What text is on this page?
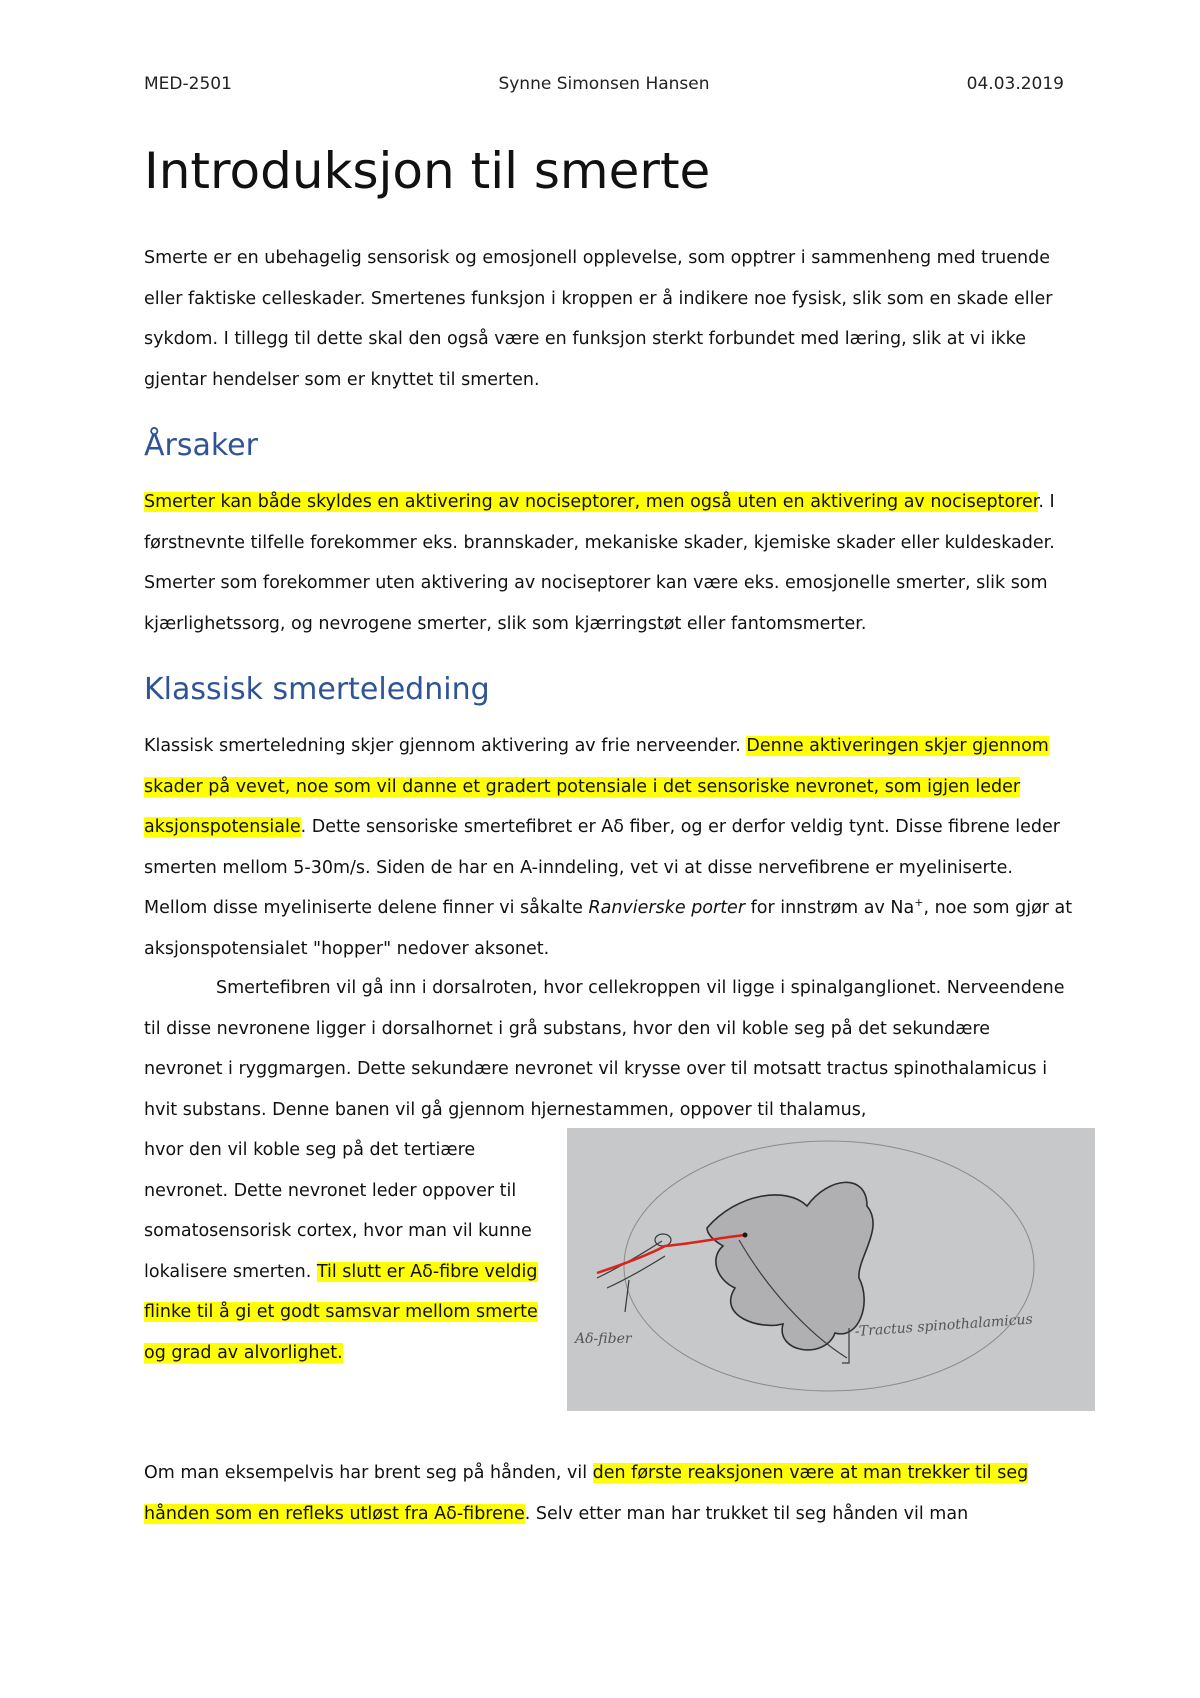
MED-2501	Synne Simonsen Hansen	04.03.2019
Introduksjon til smerte

Smerte er en ubehagelig sensorisk og emosjonell opplevelse, som opptrer i sammenheng med truende eller faktiske celleskader. Smertenes funksjon i kroppen er å indikere noe fysisk, slik som en skade eller sykdom. I tillegg til dette skal den også være en funksjon sterkt forbundet med læring, slik at vi ikke gjentar hendelser som er knyttet til smerten.

Årsaker

Smerter kan både skyldes en aktivering av nociseptorer, men også uten en aktivering av nociseptorer. I førstnevnte tilfelle forekommer eks. brannskader, mekaniske skader, kjemiske skader eller kuldeskader. Smerter som forekommer uten aktivering av nociseptorer kan være eks. emosjonelle smerter, slik som kjærlighetssorg, og nevrogene smerter, slik som kjærringstøt eller fantomsmerter.

Klassisk smerteledning

Klassisk smerteledning skjer gjennom aktivering av frie nerveender. Denne aktiveringen skjer gjennom skader på vevet, noe som vil danne et gradert potensiale i det sensoriske nevronet, som igjen leder aksjonspotensiale. Dette sensoriske smertefibret er Aδ fiber, og er derfor veldig tynt. Disse fibrene leder smerten mellom 5-30m/s. Siden de har en A-inndeling, vet vi at disse nervefibrene er myeliniserte. Mellom disse myeliniserte delene finner vi såkalte Ranvierske porter for innstrøm av Na+, noe som gjør at aksjonspotensialet "hopper" nedover aksonet.

Smertefibren vil gå inn i dorsalroten, hvor cellekroppen vil ligge i spinalganglionet. Nerveendene til disse nevronene ligger i dorsalhornet i grå substans, hvor den vil koble seg på det sekundære nevronet i ryggmargen. Dette sekundære nevronet vil krysse over til motsatt tractus spinothalamicus i hvit substans. Denne banen vil gå gjennom hjernestammen, oppover til thalamus,

hvor den vil koble seg på det tertiære nevronet. Dette nevronet leder oppover til somatosensorisk cortex, hvor man vil kunne lokalisere smerten. Til slutt er Aδ-fibre veldig flinke til å gi et godt samsvar mellom smerte og grad av alvorlighet.

Aδ-fiber	-Tractus spinothalamicus

Om man eksempelvis har brent seg på hånden, vil den første reaksjonen være at man trekker til seg hånden som en refleks utløst fra Aδ-fibrene. Selv etter man har trukket til seg hånden vil man
